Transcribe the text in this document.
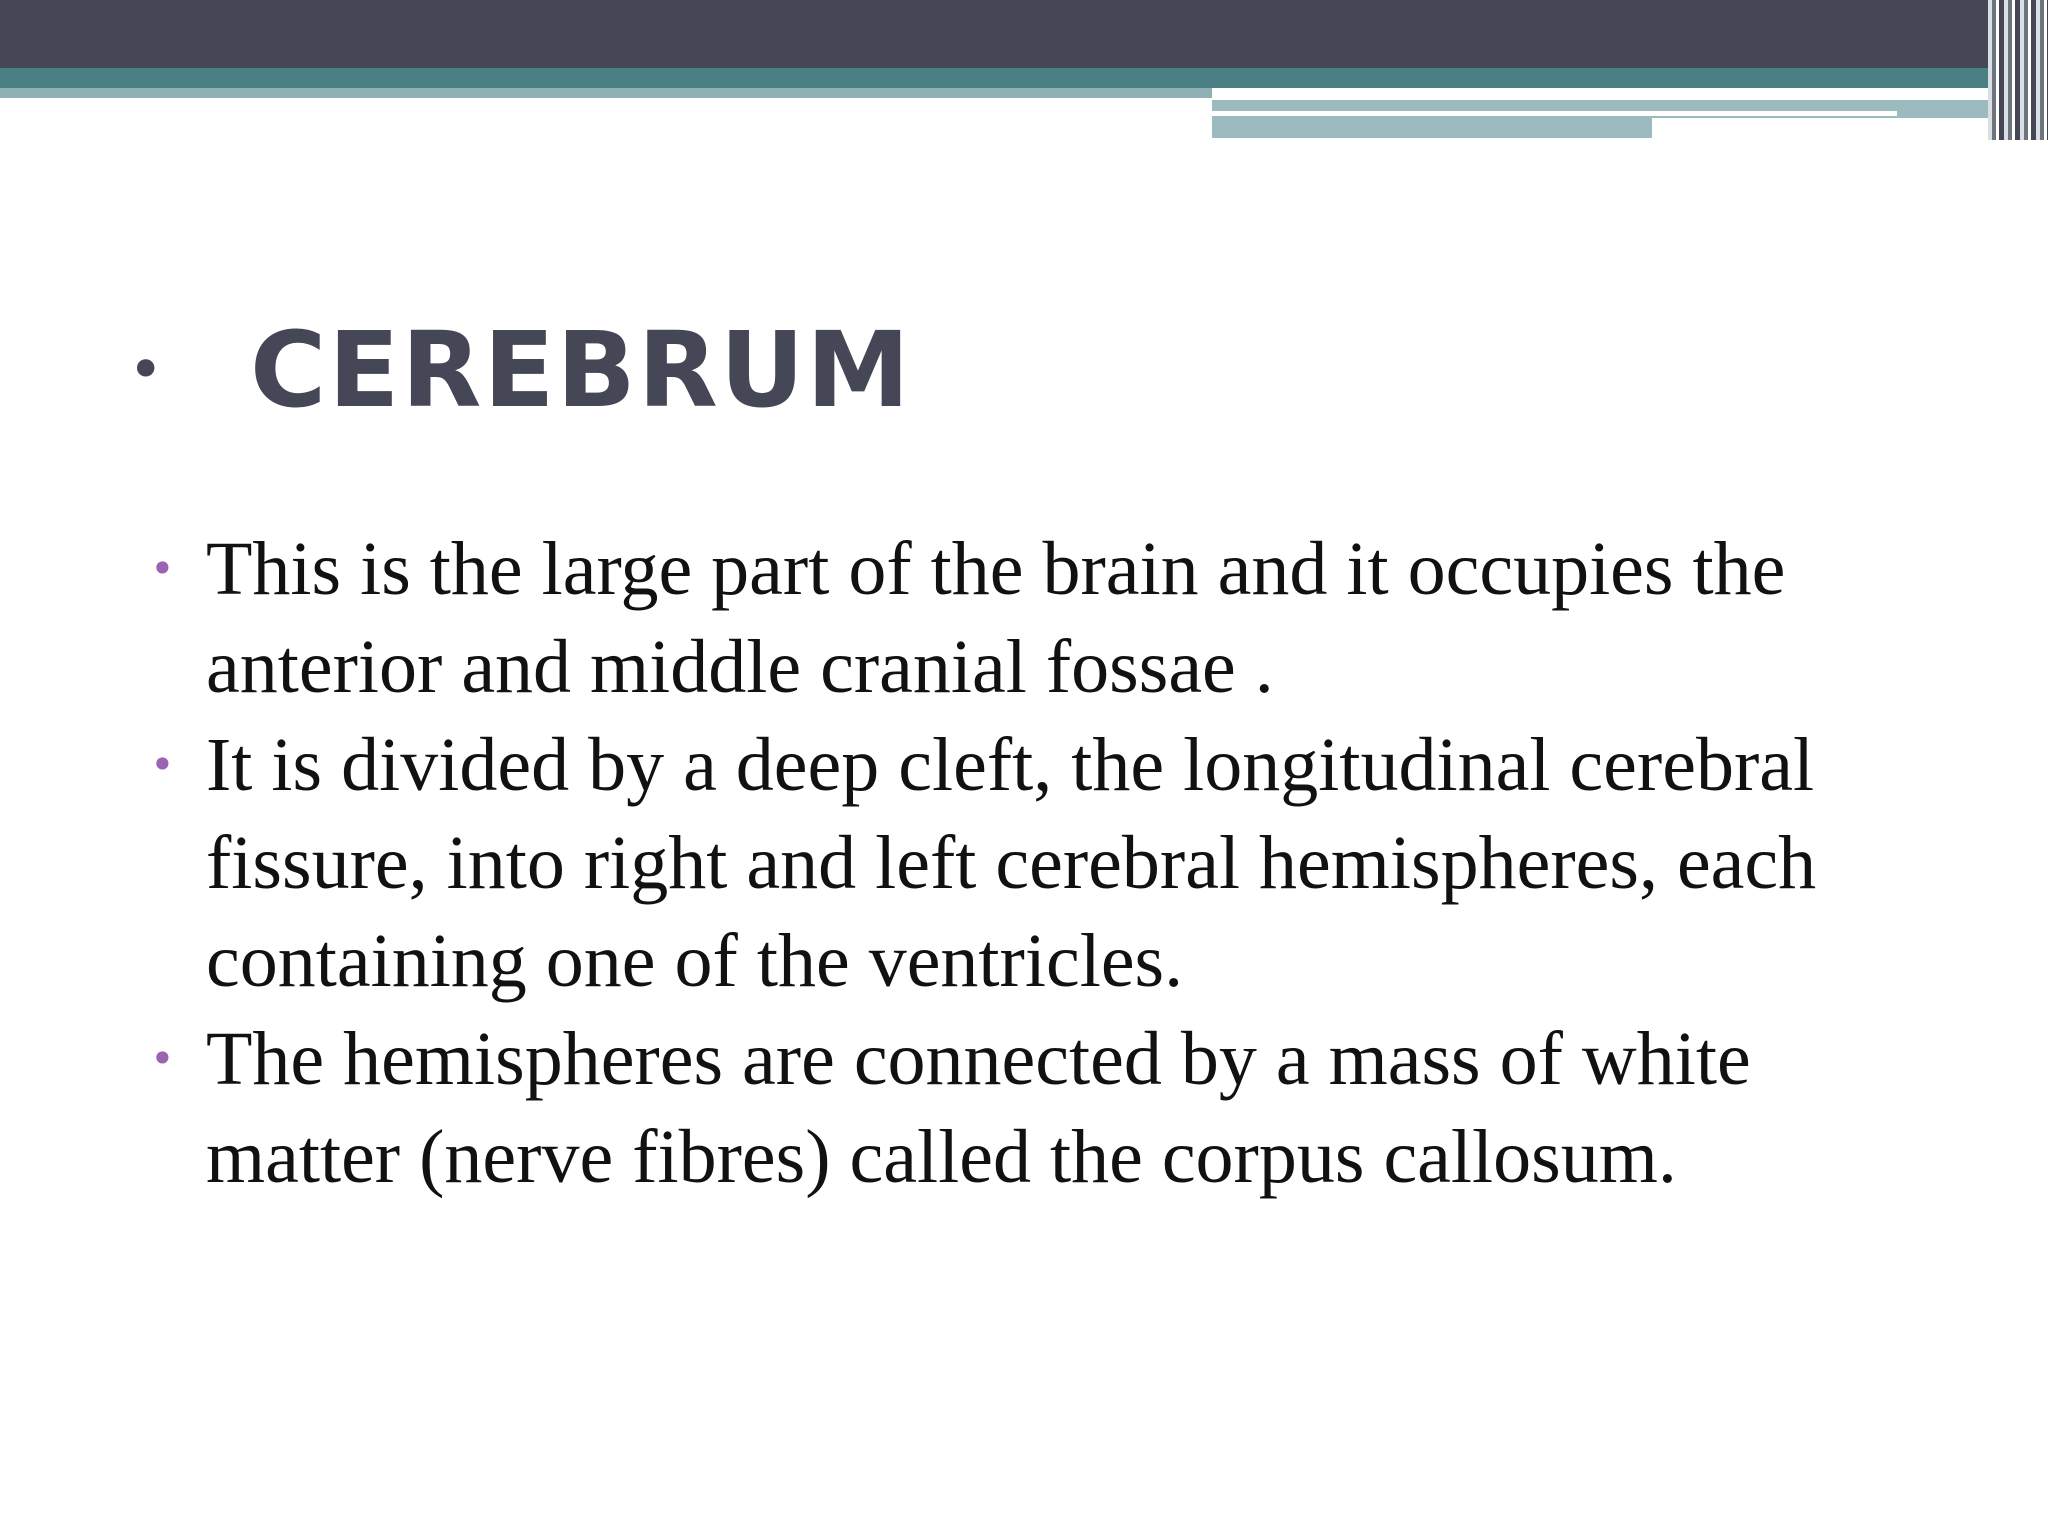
• CEREBRUM
• This is the large part of the brain and it occupies the anterior and middle cranial fossae .
• It is divided by a deep cleft, the longitudinal cerebral fissure, into right and left cerebral hemispheres, each containing one of the ventricles.
• The hemispheres are connected by a mass of white matter (nerve fibres) called the corpus callosum.
